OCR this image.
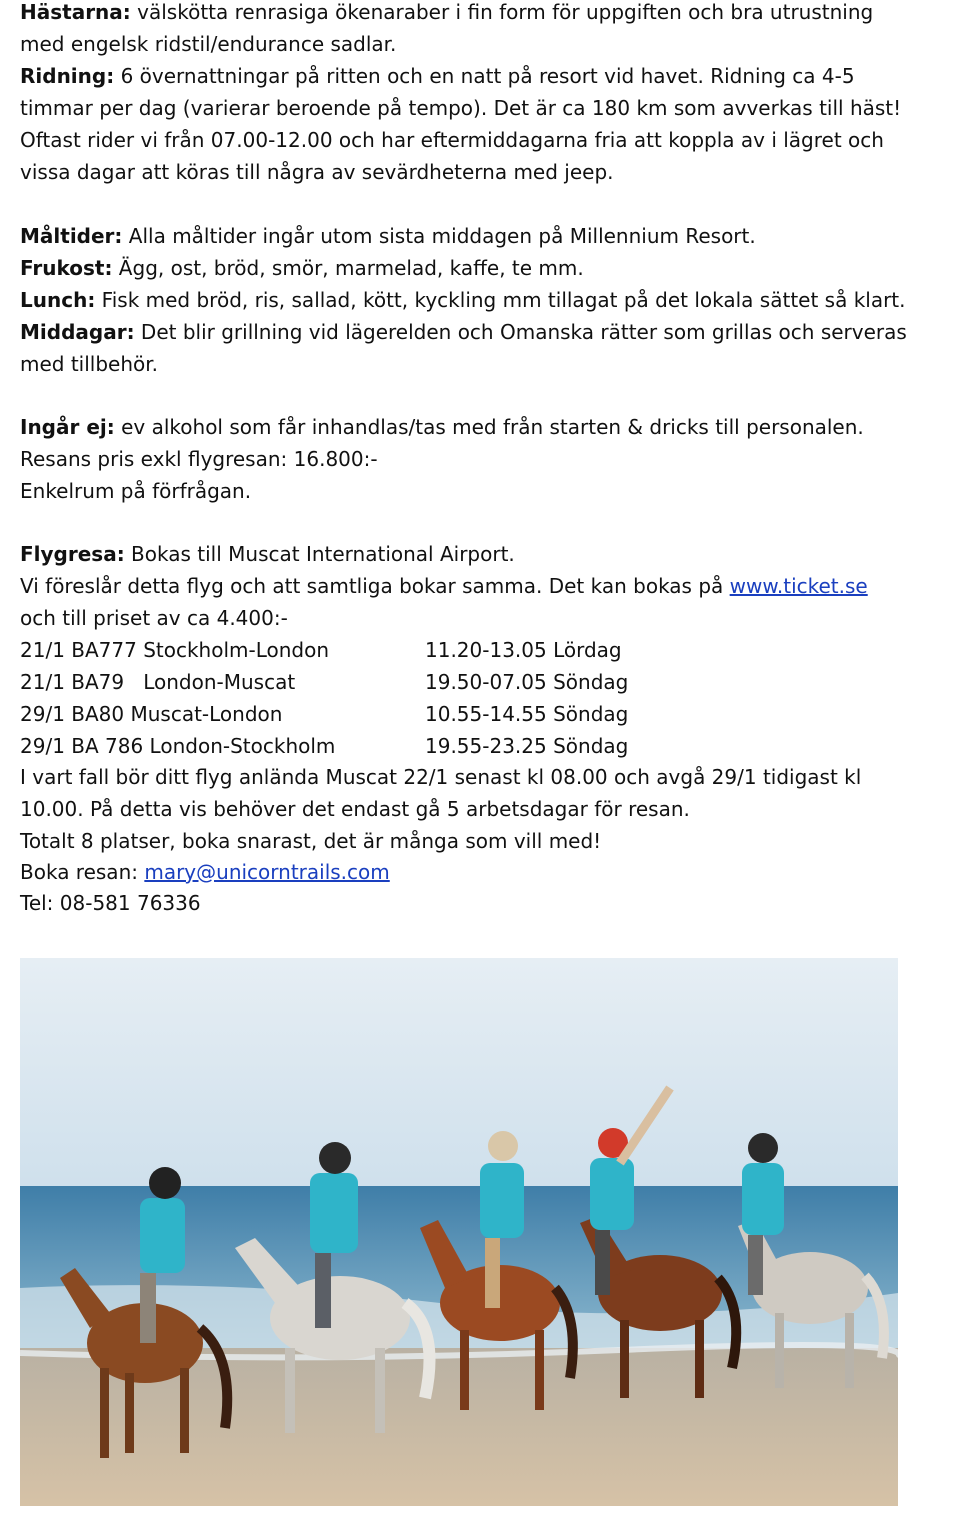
Hästarna: välskötta renrasiga ökenaraber i fin form för uppgiften och bra utrustning
med engelsk ridstil/endurance sadlar.
Ridning: 6 övernattningar på ritten och en natt på resort vid havet. Ridning ca 4-5
timmar per dag (varierar beroende på tempo). Det är ca 180 km som avverkas till häst!
Oftast rider vi från 07.00-12.00 och har eftermiddagarna fria att koppla av i lägret och
vissa dagar att köras till några av sevärdheterna med jeep.
Måltider: Alla måltider ingår utom sista middagen på Millennium Resort.
Frukost: Ägg, ost, bröd, smör, marmelad, kaffe, te mm.
Lunch: Fisk med bröd, ris, sallad, kött, kyckling mm tillagat på det lokala sättet så klart.
Middagar: Det blir grillning vid lägerelden och Omanska rätter som grillas och serveras
med tillbehör.
Ingår ej: ev alkohol som får inhandlas/tas med från starten & dricks till personalen.
Resans pris exkl flygresan: 16.800:-
Enkelrum på förfrågan.
Flygresa: Bokas till Muscat International Airport.
Vi föreslår detta flyg och att samtliga bokar samma. Det kan bokas på www.ticket.se
och till priset av ca 4.400:-
21/1 BA777 Stockholm-London	11.20-13.05 Lördag
21/1 BA79   London-Muscat	19.50-07.05 Söndag
29/1 BA80 Muscat-London	10.55-14.55 Söndag
29/1 BA 786 London-Stockholm	19.55-23.25 Söndag
I vart fall bör ditt flyg anlända Muscat 22/1 senast kl 08.00 och avgå 29/1 tidigast kl
10.00. På detta vis behöver det endast gå 5 arbetsdagar för resan.
Totalt 8 platser, boka snarast, det är många som vill med!
Boka resan: mary@unicorntrails.com
Tel: 08-581 76336
